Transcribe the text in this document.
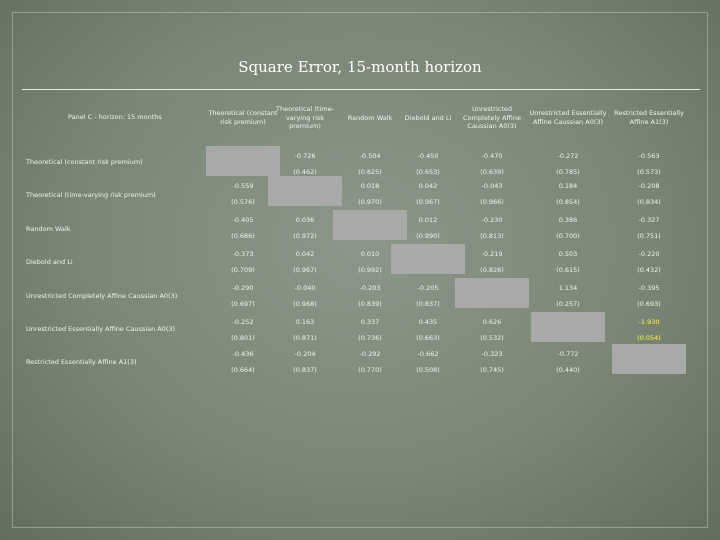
Square Error, 15-month horizon
Panel C - horizon: 15 months	Theoretical (constant risk premium)
Theoretical (time-varying risk premium)
Random Walk	Diebold and Li
Unrestricted Completely Affine Caussian A0(3)
Unrestricted Essentially Affine Caussian A0(3)
Restricted Essentially Affine A1(3)
Theoretical (constant risk premium)
Theoretical (time-varying risk premium)
Random Walk
Diebold and Li
Unrestricted Completely Affine Caussian A0(3)
Unrestricted Essentially Affine Caussian A0(3)
Restricted Essentially Affine A1(3)
-0.726
(0.462)
-0.504
(0.625)
-0.450
(0.653)
-0.470
(0.639)
-0.272
(0.785)
-0.563
(0.573)
-0.559
(0.576)
0.018
(0.970)
0.042
(0.967)
-0.043
(0.966)
0.184
(0.854)
-0.208
(0.834)
-0.405
(0.686)
0.036
(0.972)
0.012
(0.990)
-0.230
(0.813)
0.386
(0.700)
-0.327
(0.751)
-0.373
(0.709)
0.042
(0.967)
0.010
(0.992)
-0.219
(0.826)
0.503
(0.615)
-0.220
(0.432)
-0.290
(0.697)
-0.040
(0.968)
-0.203
(0.839)
-0.205
(0.837)
1.134
(0.257)
-0.395
(0.693)
-0.252
(0.801)
0.163
(0.871)
0.337
(0.736)
0.435
(0.663)
0.626
(0.532)
-1.930
(0.054)
-0.436
(0.664)
-0.204
(0.837)
-0.292
(0.770)
-0.662
(0.508)
-0.323
(0.745)
-0.772
(0.440)
